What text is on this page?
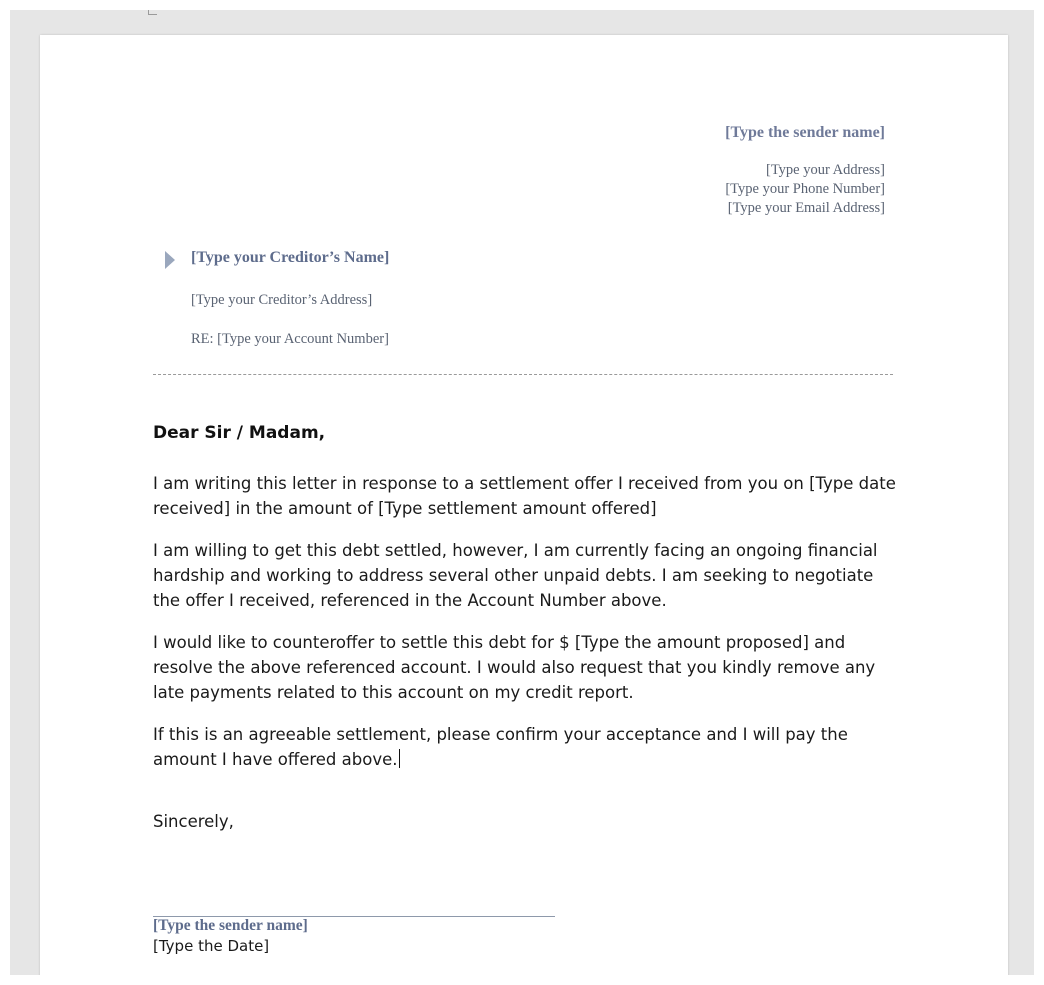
[Type the sender name]
[Type your Address]
[Type your Phone Number]
[Type your Email Address]
[Type your Creditor’s Name]
[Type your Creditor’s Address]
RE: [Type your Account Number]
Dear Sir / Madam,
I am writing this letter in response to a settlement offer I received from you on [Type date received] in the amount of [Type settlement amount offered]
I am willing to get this debt settled, however, I am currently facing an ongoing financial hardship and working to address several other unpaid debts. I am seeking to negotiate the offer I received, referenced in the Account Number above.
I would like to counteroffer to settle this debt for $ [Type the amount proposed] and resolve the above referenced account. I would also request that you kindly remove any late payments related to this account on my credit report.
If this is an agreeable settlement, please confirm your acceptance and I will pay the amount I have offered above.
Sincerely,
[Type the sender name]
[Type the Date]
